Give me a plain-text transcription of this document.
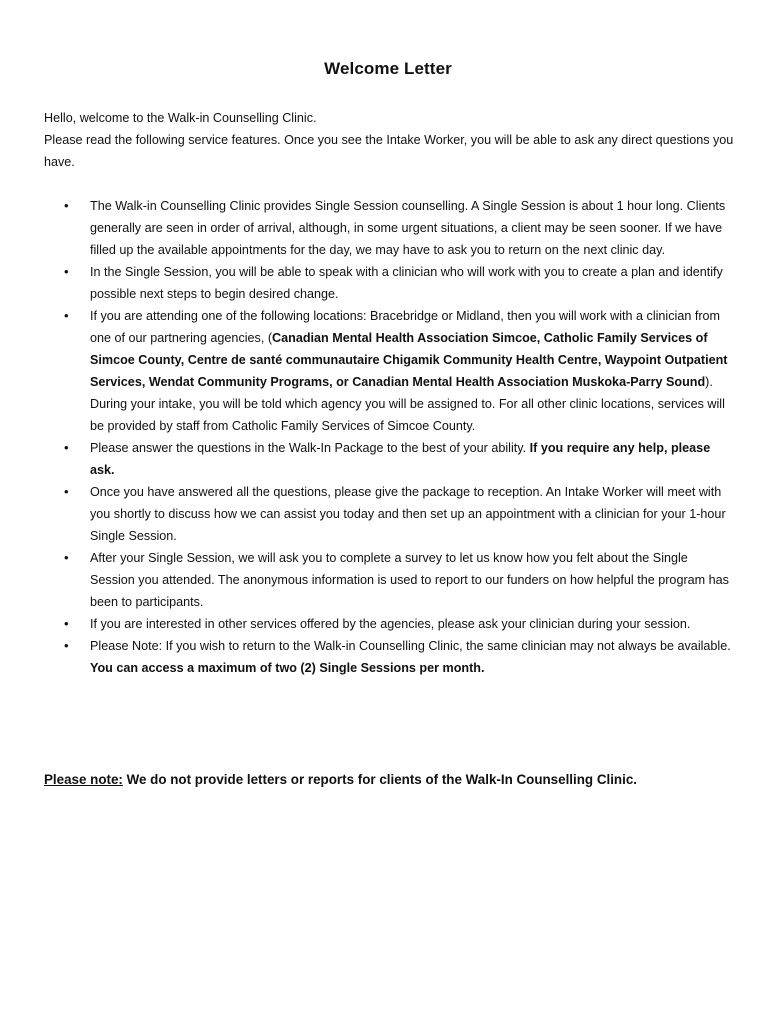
Welcome Letter

Hello, welcome to the Walk-in Counselling Clinic.

Please read the following service features. Once you see the Intake Worker, you will be able to ask any direct questions you have.

• The Walk-in Counselling Clinic provides Single Session counselling. A Single Session is about 1 hour long. Clients generally are seen in order of arrival, although, in some urgent situations, a client may be seen sooner. If we have filled up the available appointments for the day, we may have to ask you to return on the next clinic day.
• In the Single Session, you will be able to speak with a clinician who will work with you to create a plan and identify possible next steps to begin desired change.
• If you are attending one of the following locations: Bracebridge or Midland, then you will work with a clinician from one of our partnering agencies, (Canadian Mental Health Association Simcoe, Catholic Family Services of Simcoe County, Centre de santé communautaire Chigamik Community Health Centre, Waypoint Outpatient Services, Wendat Community Programs, or Canadian Mental Health Association Muskoka-Parry Sound). During your intake, you will be told which agency you will be assigned to. For all other clinic locations, services will be provided by staff from Catholic Family Services of Simcoe County.
• Please answer the questions in the Walk-In Package to the best of your ability. If you require any help, please ask.
• Once you have answered all the questions, please give the package to reception. An Intake Worker will meet with you shortly to discuss how we can assist you today and then set up an appointment with a clinician for your 1-hour Single Session.
• After your Single Session, we will ask you to complete a survey to let us know how you felt about the Single Session you attended. The anonymous information is used to report to our funders on how helpful the program has been to participants.
• If you are interested in other services offered by the agencies, please ask your clinician during your session.
• Please Note: If you wish to return to the Walk-in Counselling Clinic, the same clinician may not always be available. You can access a maximum of two (2) Single Sessions per month.
Please note: We do not provide letters or reports for clients of the Walk-In Counselling Clinic.
